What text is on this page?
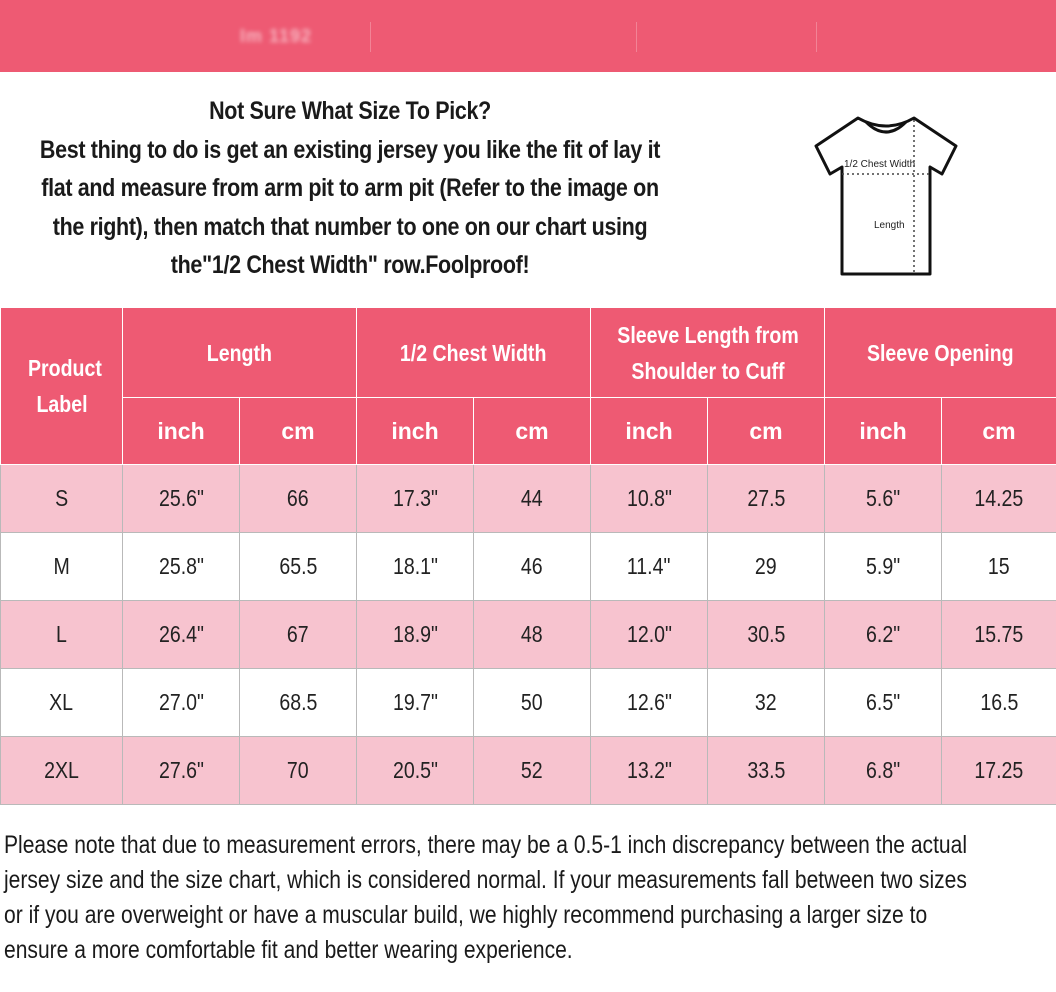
Im 1192
Not Sure What Size To Pick?
Best thing to do is get an existing jersey you like the fit of lay it
flat and measure from arm pit to arm pit (Refer to the image on
the right), then match that number to one on our chart using
the"1/2 Chest Width" row.Foolproof!
1/2 Chest Width
Length
Product Label	Length		1/2 Chest Width		Sleeve Length from Shoulder to Cuff		Sleeve Opening	
	inch	cm	inch	cm	inch	cm	inch	cm
S	25.6"	66	17.3"	44	10.8"	27.5	5.6"	14.25
M	25.8"	65.5	18.1"	46	11.4"	29	5.9"	15
L	26.4"	67	18.9"	48	12.0"	30.5	6.2"	15.75
XL	27.0"	68.5	19.7"	50	12.6"	32	6.5"	16.5
2XL	27.6"	70	20.5"	52	13.2"	33.5	6.8"	17.25
Please note that due to measurement errors, there may be a 0.5-1 inch discrepancy between the actual
jersey size and the size chart, which is considered normal. If your measurements fall between two sizes
or if you are overweight or have a muscular build, we highly recommend purchasing a larger size to
ensure a more comfortable fit and better wearing experience.
